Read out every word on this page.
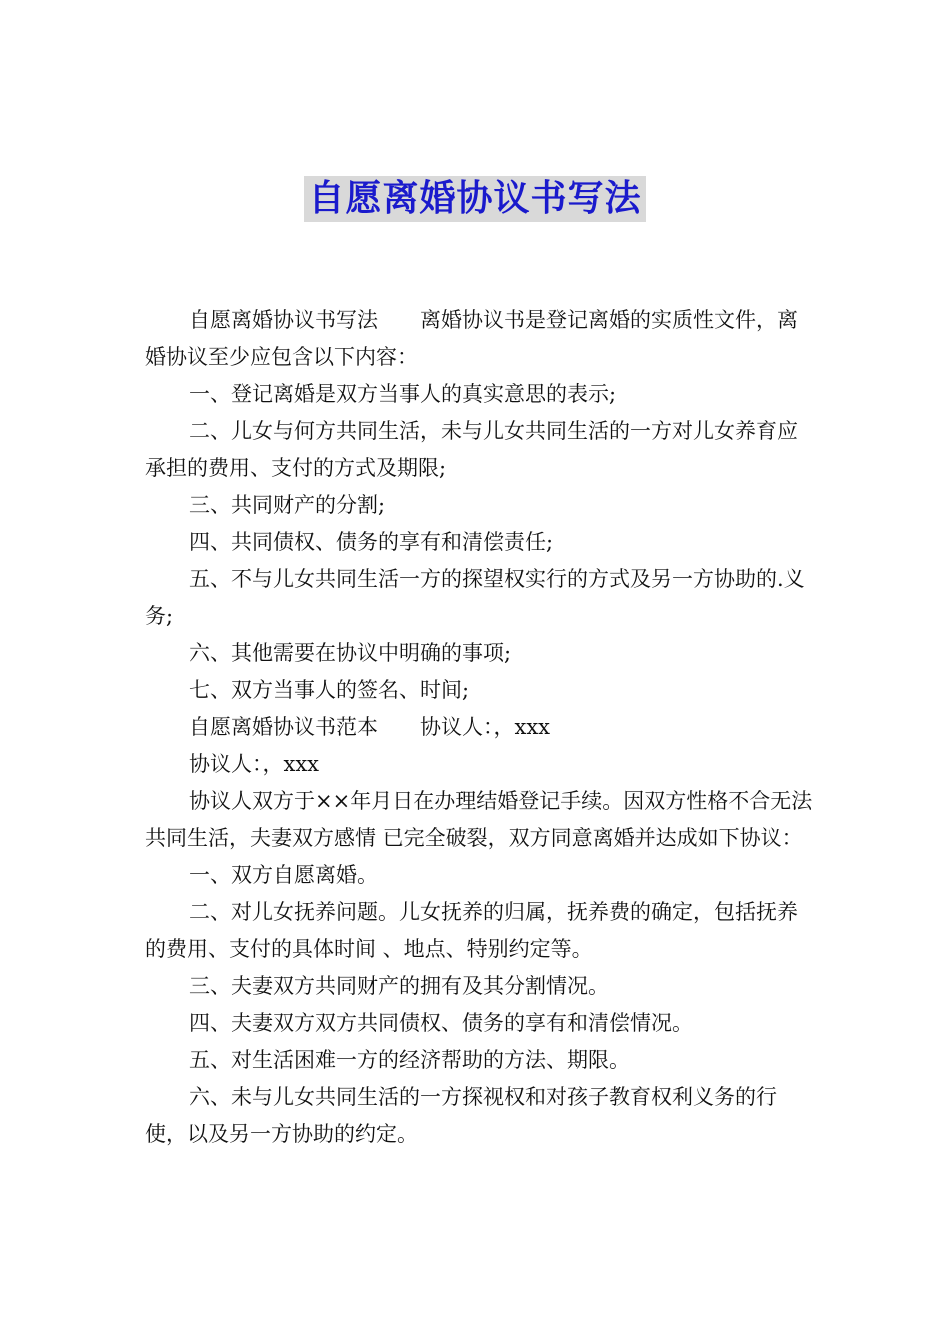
自愿离婚协议书写法

自愿离婚协议书写法　　离婚协议书是登记离婚的实质性文件，离婚协议至少应包含以下内容：

一、登记离婚是双方当事人的真实意思的表示;

二、儿女与何方共同生活，未与儿女共同生活的一方对儿女养育应承担的费用、支付的方式及期限;

三、共同财产的分割;

四、共同债权、债务的享有和清偿责任;

五、不与儿女共同生活一方的探望权实行的方式及另一方协助的.义务;

六、其他需要在协议中明确的事项;

七、双方当事人的签名、时间;

自愿离婚协议书范本　　协议人：，xxx

协议人：，xxx

协议人双方于××年月日在办理结婚登记手续。因双方性格不合无法共同生活，夫妻双方感情 已完全破裂，双方同意离婚并达成如下协议：

一、双方自愿离婚。

二、对儿女抚养问题。儿女抚养的归属，抚养费的确定，包括抚养的费用、支付的具体时间 、地点、特别约定等。

三、夫妻双方共同财产的拥有及其分割情况。

四、夫妻双方双方共同债权、债务的享有和清偿情况。

五、对生活困难一方的经济帮助的方法、期限。

六、未与儿女共同生活的一方探视权和对孩子教育权利义务的行使，以及另一方协助的约定。
